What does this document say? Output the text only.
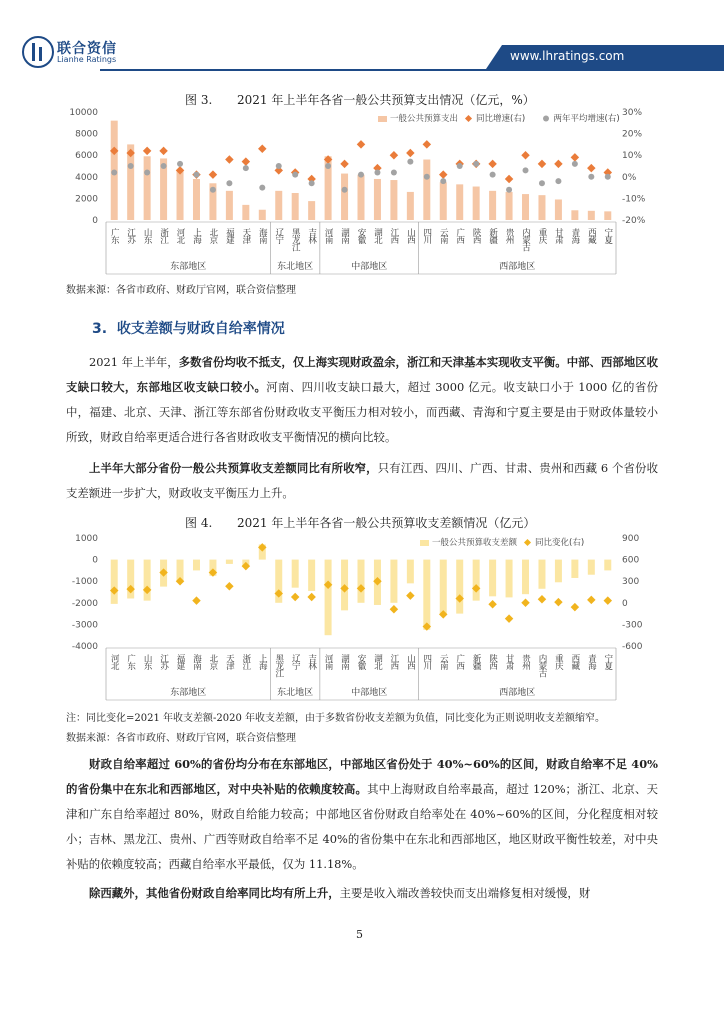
联合资信
Lianhe Ratings	www.lhratings.com
图 3. 2021 年上半年各省一般公共预算支出情况（亿元，%）
10000
8000
6000
4000
2000
0
30%
20%
10%
0%
-10%
-20%
一般公共预算支出 同比增速(右)	两年平均增速(右)
广东 江苏 山东 浙江 河北 上海 北京 福建 天津 海南 辽宁 黑龙江 吉林 河南 湖南 安徽 湖北 江西 山西 四川 云南 广西 陕西 新疆 贵州 内蒙古 重庆 甘肃 青海 西藏 宁夏
东部地区	东北地区	中部地区	西部地区
数据来源：各省市政府、财政厅官网，联合资信整理
3. 收支差额与财政自给率情况
2021 年上半年，多数省份均收不抵支，仅上海实现财政盈余，浙江和天津基本实现收支平衡。中部、西部地区收支缺口较大，东部地区收支缺口较小。河南、四川收支缺口最大，超过 3000 亿元。收支缺口小于 1000 亿的省份中，福建、北京、天津、浙江等东部省份财政收支平衡压力相对较小，而西藏、青海和宁夏主要是由于财政体量较小所致，财政自给率更适合进行各省财政收支平衡情况的横向比较。
上半年大部分省份一般公共预算收支差额同比有所收窄，只有江西、四川、广西、甘肃、贵州和西藏 6 个省份收支差额进一步扩大，财政收支平衡压力上升。
图 4. 2021 年上半年各省一般公共预算收支差额情况（亿元）
1000
0
-1000
-2000
-3000
-4000
900
600
300
0
-300
-600
一般公共预算收支差额 同比变化(右)
河北 广东 山东 江苏 福建 海南 北京 天津 浙江 上海 黑龙江 辽宁 吉林 河南 湖南 安徽 湖北 江西 山西 四川 云南 广西 新疆 陕西 甘肃 贵州 内蒙古 重庆 西藏 青海 宁夏
东部地区	东北地区	中部地区	西部地区
注：同比变化=2021 年收支差额-2020 年收支差额，由于多数省份收支差额为负值，同比变化为正则说明收支差额缩窄。
数据来源：各省市政府、财政厅官网，联合资信整理
财政自给率超过 60%的省份均分布在东部地区，中部地区省份处于 40%~60%的区间，财政自给率不足 40%的省份集中在东北和西部地区，对中央补贴的依赖度较高。其中上海财政自给率最高，超过 120%；浙江、北京、天津和广东自给率超过 80%，财政自给能力较高；中部地区省份财政自给率处在 40%~60%的区间，分化程度相对较小；吉林、黑龙江、贵州、广西等财政自给率不足 40%的省份集中在东北和西部地区，地区财政平衡性较差，对中央补贴的依赖度较高；西藏自给率水平最低，仅为 11.18%。
除西藏外，其他省份财政自给率同比均有所上升，主要是收入端改善较快而支出端修复相对缓慢，财
5
